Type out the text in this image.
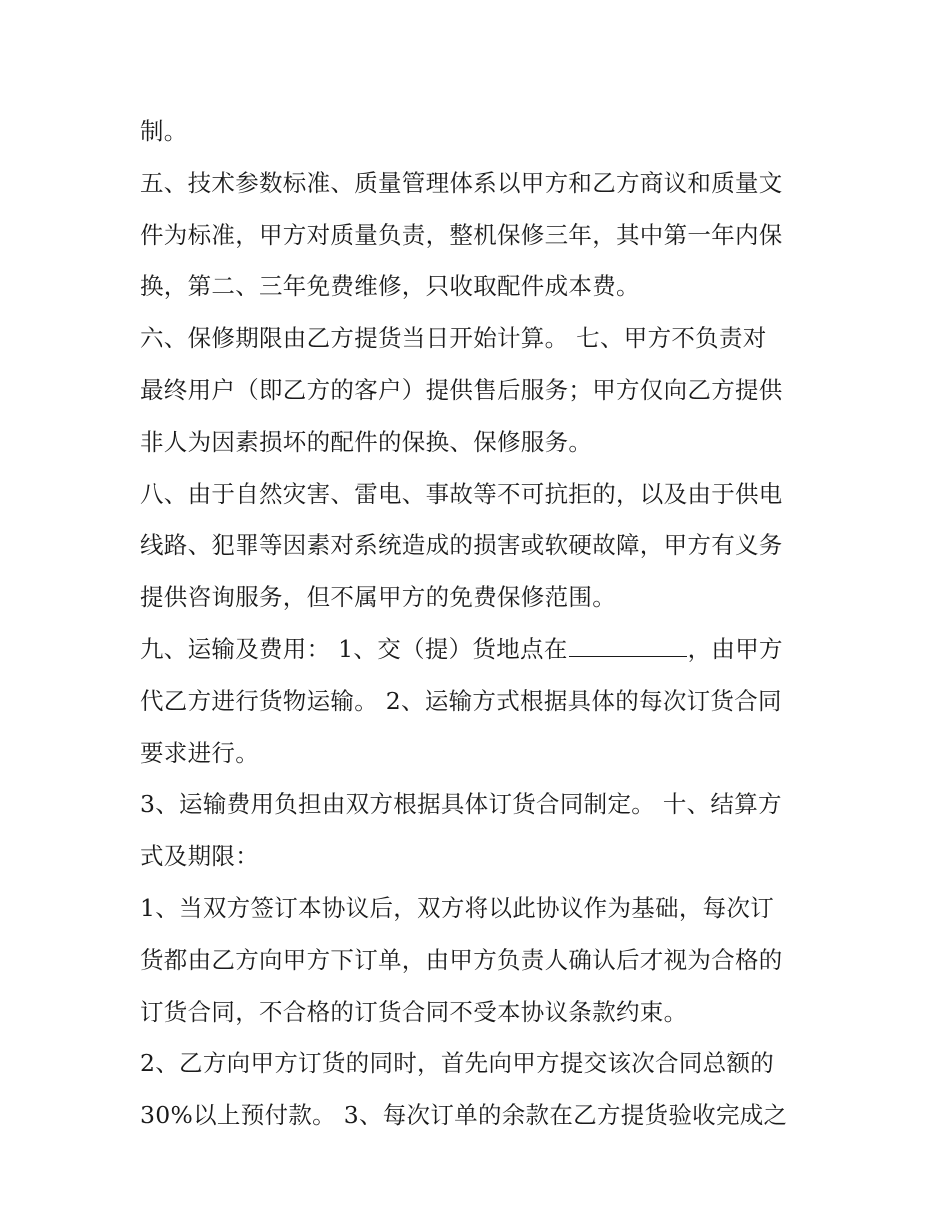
制。
五、技术参数标准、质量管理体系以甲方和乙方商议和质量文
件为标准，甲方对质量负责，整机保修三年，其中第一年内保
换，第二、三年免费维修，只收取配件成本费。
六、保修期限由乙方提货当日开始计算。 七、甲方不负责对
最终用户（即乙方的客户）提供售后服务；甲方仅向乙方提供
非人为因素损坏的配件的保换、保修服务。
八、由于自然灾害、雷电、事故等不可抗拒的，以及由于供电
线路、犯罪等因素对系统造成的损害或软硬故障，甲方有义务
提供咨询服务，但不属甲方的免费保修范围。
九、运输及费用： 1、交（提）货地点在	，由甲方
代乙方进行货物运输。 2、运输方式根据具体的每次订货合同
要求进行。
3、运输费用负担由双方根据具体订货合同制定。 十、结算方
式及期限：
1、当双方签订本协议后，双方将以此协议作为基础，每次订
货都由乙方向甲方下订单，由甲方负责人确认后才视为合格的
订货合同，不合格的订货合同不受本协议条款约束。
2、乙方向甲方订货的同时，首先向甲方提交该次合同总额的
30%以上预付款。 3、每次订单的余款在乙方提货验收完成之
